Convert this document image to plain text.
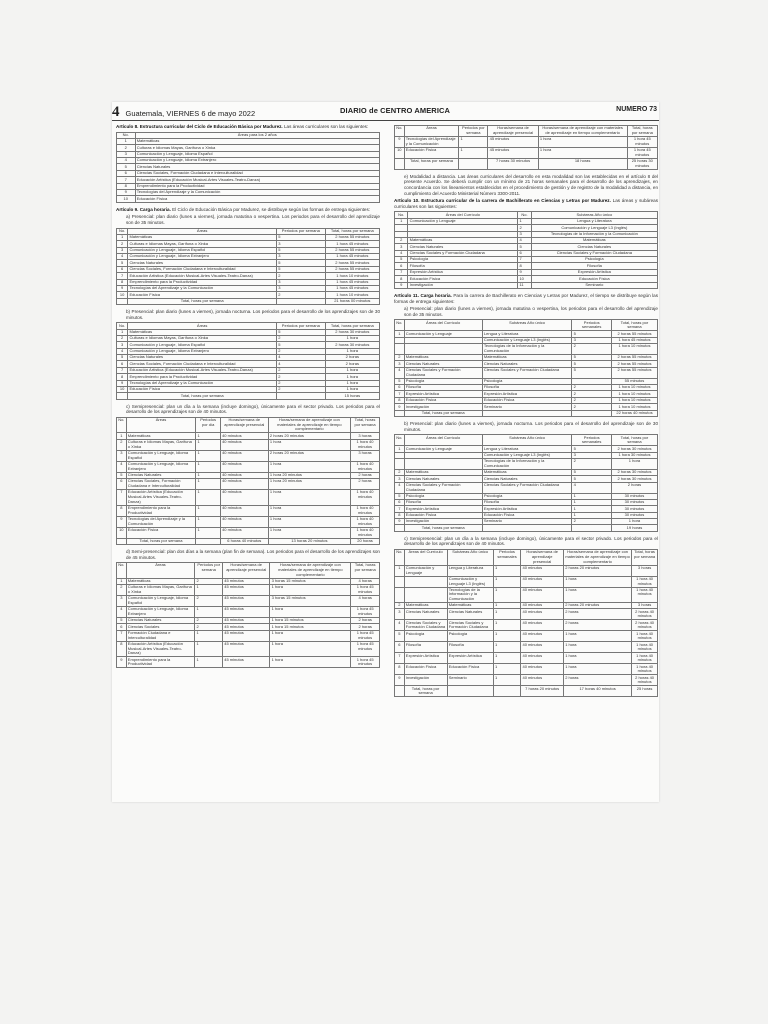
4 Guatemala, VIERNES 6 de mayo 2022	DIARIO de CENTRO AMERICA	NUMERO 73

Artículo 8. Estructura curricular del Ciclo de Educación Básica por Madurez. Las áreas curriculares son las siguientes:

No.	Áreas para los 2 años
1	Matemáticas
2	Culturas e Idiomas Mayas, Garífuna o Xinka
3	Comunicación y Lenguaje, Idioma Español
4	Comunicación y Lenguaje, Idioma Extranjero
5	Ciencias Naturales
6	Ciencias Sociales, Formación Ciudadana e Interculturalidad
7	Educación Artística (Educación Musical-Artes Visuales-Teatro-Danza)
8	Emprendimiento para la Productividad
9	Tecnologías del Aprendizaje y la Comunicación
10	Educación Física

Artículo 9. Carga horaria. El Ciclo de Educación Básica por Madurez, se distribuye según las formas de entrega siguientes:

a) Presencial: plan diario (lunes a viernes), jornada matutina o vespertina. Los periodos para el desarrollo del aprendizaje son de 35 minutos.

No.	Áreas	Periodos por semana	Total, horas por semana
1	Matemáticas	5	2 horas 55 minutos
2	Culturas e Idiomas Mayas, Garífuna o Xinka	3	1 hora 45 minutos
3	Comunicación y Lenguaje, Idioma Español	5	2 horas 55 minutos
4	Comunicación y Lenguaje, Idioma Extranjero	3	1 hora 45 minutos
5	Ciencias Naturales	5	2 horas 55 minutos
6	Ciencias Sociales, Formación Ciudadana e Interculturalidad	5	2 horas 55 minutos
7	Educación Artística (Educación Musical-Artes Visuales-Teatro-Danza)	2	1 hora 10 minutos
8	Emprendimiento para la Productividad	3	1 hora 45 minutos
9	Tecnologías del Aprendizaje y la Comunicación	3	1 hora 45 minutos
10	Educación Física	2	1 hora 10 minutos
	Total, horas por semana		21 horas 00 minutos

b) Presencial: plan diario (lunes a viernes), jornada nocturna. Los periodos para el desarrollo de los aprendizajes son de 30 minutos.

No.	Áreas	Periodos por semana	Total, horas por semana
1	Matemáticas	5	2 horas 30 minutos
2	Culturas e Idiomas Mayas, Garífuna o Xinka	2	1 hora
3	Comunicación y Lenguaje, Idioma Español	5	2 horas 30 minutos
4	Comunicación y Lenguaje, Idioma Extranjero	2	1 hora
5	Ciencias Naturales	4	2 horas
6	Ciencias Sociales, Formación Ciudadana e Interculturalidad	4	2 horas
7	Educación Artística (Educación Musical-Artes Visuales-Teatro-Danza)	2	1 hora
8	Emprendimiento para la Productividad	2	1 hora
9	Tecnologías del Aprendizaje y la Comunicación	2	1 hora
10	Educación Física	2	1 hora
	Total, horas por semana		15 horas

c) Semipresencial: plan un día a la semana (incluye domingo), únicamente para el sector privado. Los periodos para el desarrollo de los aprendizajes son de 40 minutos.

No.	Áreas	Periodos por día	Horas/semana de aprendizaje presencial	Horas/semana de aprendizaje con materiales de aprendizaje en tiempo complementario	Total, horas por semana
1	Matemáticas	1	40 minutos	2 horas 20 minutos	3 horas
2	Culturas e Idiomas Mayas, Garífuna o Xinka	1	40 minutos	1 hora	1 hora 40 minutos
3	Comunicación y Lenguaje, Idioma Español	1	40 minutos	2 horas 20 minutos	3 horas
4	Comunicación y Lenguaje, Idioma Extranjero	1	40 minutos	1 hora	1 hora 40 minutos
5	Ciencias Naturales	1	40 minutos	1 hora 20 minutos	2 horas
6	Ciencias Sociales, Formación Ciudadana e Interculturalidad	1	40 minutos	1 hora 20 minutos	2 horas
7	Educación Artística (Educación Musical-Artes Visuales-Teatro-Danza)	1	40 minutos	1 hora	1 hora 40 minutos
8	Emprendimiento para la Productividad	1	40 minutos	1 hora	1 hora 40 minutos
9	Tecnologías del Aprendizaje y la Comunicación	1	40 minutos	1 hora	1 hora 40 minutos
10	Educación Física	1	40 minutos	1 hora	1 hora 40 minutos
	Total, horas por semana		6 horas 40 minutos	13 horas 20 minutos	20 horas

d) Semi-presencial: plan dos días a la semana (plan fin de semana). Los periodos para el desarrollo de los aprendizajes son de 45 minutos.

No.	Áreas	Periodos por semana	Horas/semana de aprendizaje presencial	Horas/semana de aprendizaje con materiales de aprendizaje en tiempo complementario	Total, horas por semana
1	Matemáticas	2	45 minutos	3 horas 15 minutos	4 horas
2	Culturas e Idiomas Mayas, Garífuna o Xinka	1	45 minutos	1 hora	1 hora 45 minutos
3	Comunicación y Lenguaje, Idioma Español	2	45 minutos	3 horas 15 minutos	4 horas
4	Comunicación y Lenguaje, Idioma Extranjero	1	45 minutos	1 hora	1 hora 45 minutos
5	Ciencias Naturales	2	45 minutos	1 hora 15 minutos	2 horas
6	Ciencias Sociales	2	45 minutos	1 hora 15 minutos	2 horas
7	Formación Ciudadana e Interculturalidad	1	45 minutos	1 hora	1 hora 45 minutos
8	Educación Artística (Educación Musical-Artes Visuales-Teatro-Danza)	1	45 minutos	1 hora	1 hora 45 minutos
9	Emprendimiento para la Productividad	1	45 minutos	1 hora	1 hora 45 minutos
No.	Áreas	Periodos por semana	Horas/semana de aprendizaje presencial	Horas/semana de aprendizaje con materiales de aprendizaje en tiempo complementario	Total, horas por semana
9	Tecnologías del Aprendizaje y la Comunicación	1	45 minutos	1 hora	1 hora 45 minutos
10	Educación Física	1	45 minutos	1 hora	1 hora 45 minutos
	Total, horas por semana		7 horas 30 minutos	18 horas	25 horas 30 minutos

e) Modalidad a distancia. Las áreas curriculares del desarrollo en esta modalidad son las establecidas en el artículo 8 del presente Acuerdo. Se deberá cumplir con un mínimo de 21 horas semanales para el desarrollo de los aprendizajes, en concordancia con los lineamientos establecidos en el procedimiento de gestión y de registro de la modalidad a distancia, en cumplimiento del Acuerdo Ministerial Número 3300-2011.

Artículo 10. Estructura curricular de la carrera de Bachillerato en Ciencias y Letras por Madurez. Las áreas y subáreas curriculares son las siguientes:

No.	Áreas del Currículo	No.	Subáreas Año único
1	Comunicación y Lenguaje	1	Lengua y Literatura
		2	Comunicación y Lenguaje L3 (Inglés)
		3	Tecnologías de la Información y la Comunicación
2	Matemáticas	4	Matemáticas
3	Ciencias Naturales	5	Ciencias Naturales
4	Ciencias Sociales y Formación Ciudadana	6	Ciencias Sociales y Formación Ciudadana
5	Psicología	7	Psicología
6	Filosofía	8	Filosofía
7	Expresión Artística	9	Expresión Artística
8	Educación Física	10	Educación Física
9	Investigación	11	Seminario

Artículo 11. Carga horaria. Para la carrera de Bachillerato en Ciencias y Letras por Madurez, el tiempo se distribuye según las formas de entrega siguientes:

a) Presencial: plan diario (lunes a viernes), jornada matutina o vespertina, los periodos para el desarrollo del aprendizaje son de 35 minutos.

No.	Áreas del Currículo	Subáreas Año único	Periodos semanales	Total, horas por semana
1	Comunicación y Lenguaje	Lengua y Literatura	5	2 horas 55 minutos
		Comunicación y Lenguaje L3 (Inglés)	3	1 hora 45 minutos
		Tecnologías de la Información y la Comunicación	2	1 hora 10 minutos
2	Matemáticas	Matemáticas	5	2 horas 55 minutos
3	Ciencias Naturales	Ciencias Naturales	5	2 horas 55 minutos
4	Ciencias Sociales y Formación Ciudadana	Ciencias Sociales y Formación Ciudadana	5	2 horas 55 minutos
5	Psicología	Psicología		55 minutos
6	Filosofía	Filosofía	2	1 hora 10 minutos
7	Expresión Artística	Expresión Artística	2	1 hora 10 minutos
8	Educación Física	Educación Física	2	1 hora 10 minutos
9	Investigación	Seminario	2	1 hora 10 minutos
	Total, horas por semana			22 horas 40 minutos

b) Presencial: plan diario (lunes a viernes), jornada nocturna. Los periodos para el desarrollo del aprendizaje son de 30 minutos.

No.	Áreas del Currículo	Subáreas Año único	Periodos semanales	Total, horas por semana
1	Comunicación y Lenguaje	Lengua y Literatura	5	2 horas 30 minutos
		Comunicación y Lenguaje L3 (Inglés)	3	1 hora 30 minutos
		Tecnologías de la Información y la Comunicación	2	1 hora
2	Matemáticas	Matemáticas	5	2 horas 30 minutos
3	Ciencias Naturales	Ciencias Naturales	5	2 horas 30 minutos
4	Ciencias Sociales y Formación Ciudadana	Ciencias Sociales y Formación Ciudadana	4	2 horas
5	Psicología	Psicología	1	30 minutos
6	Filosofía	Filosofía	1	30 minutos
7	Expresión Artística	Expresión Artística	1	30 minutos
8	Educación Física	Educación Física	1	30 minutos
9	Investigación	Seminario	2	1 hora
	Total, horas por semana			19 horas

c) Semipresencial: plan un día a la semana (incluye domingo), únicamente para el sector privado. Los periodos para el desarrollo de los aprendizajes son de 40 minutos.

No.	Áreas del Currículo	Subáreas Año único	Periodos semanales	Horas/semana de aprendizaje presencial	Horas/semana de aprendizaje con materiales de aprendizaje en tiempo complementario	Total, horas por semana
1	Comunicación y Lenguaje	Lengua y Literatura	1	40 minutos	2 horas 20 minutos	3 horas
		Comunicación y Lenguaje L3 (Inglés)	1	40 minutos	1 hora	1 hora 40 minutos
		Tecnologías de la Información y la Comunicación	1	40 minutos	1 hora	1 hora 40 minutos
2	Matemáticas	Matemáticas	1	40 minutos	2 horas 20 minutos	3 horas
3	Ciencias Naturales	Ciencias Naturales	1	40 minutos	2 horas	2 horas 40 minutos
4	Ciencias Sociales y Formación Ciudadana	Ciencias Sociales y Formación Ciudadana	1	40 minutos	2 horas	2 horas 40 minutos
5	Psicología	Psicología	1	40 minutos	1 hora	1 hora 40 minutos
6	Filosofía	Filosofía	1	40 minutos	1 hora	1 hora 40 minutos
7	Expresión Artística	Expresión Artística	1	40 minutos	1 hora	1 hora 40 minutos
8	Educación Física	Educación Física	1	40 minutos	1 hora	1 hora 40 minutos
9	Investigación	Seminario	1	40 minutos	2 horas	2 horas 40 minutos
	Total, horas por semana			7 horas 20 minutos	17 horas 40 minutos	25 horas
